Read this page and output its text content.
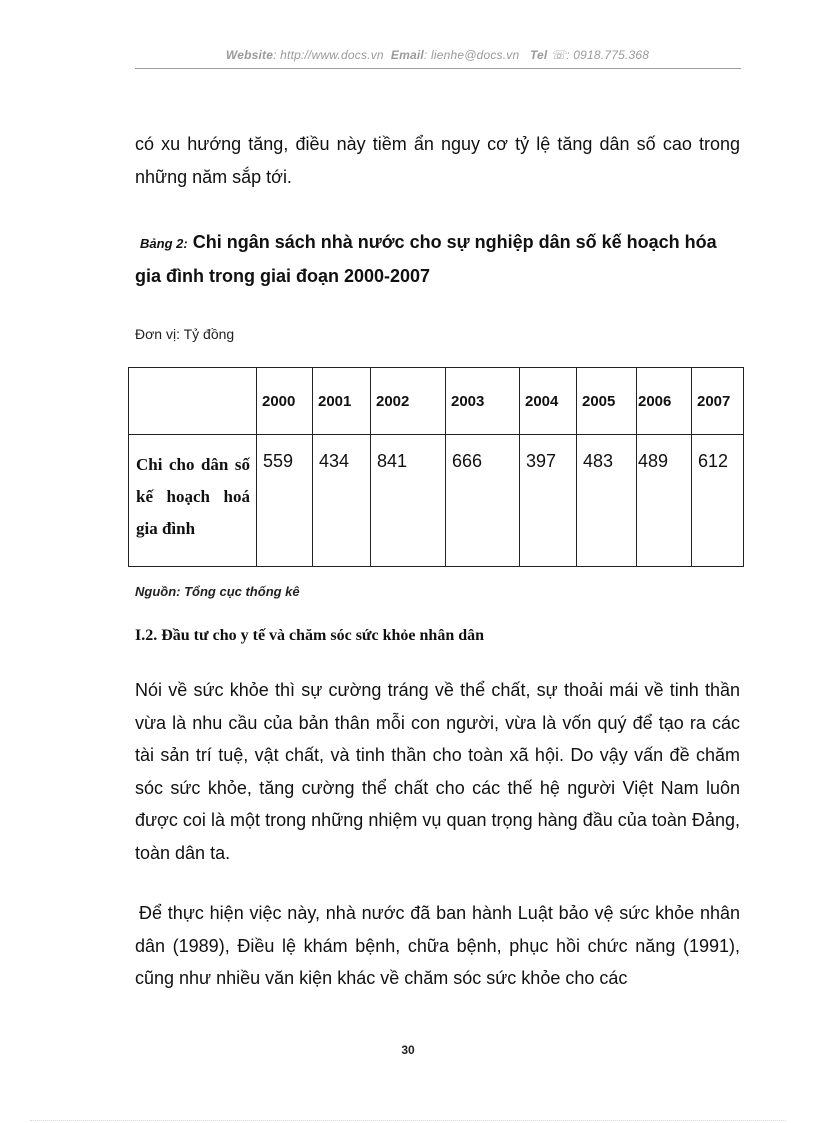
Website: http://www.docs.vn Email: lienhe@docs.vn Tel ☏: 0918.775.368
có xu hướng tăng, điều này tiềm ẩn nguy cơ tỷ lệ tăng dân số cao trong những năm sắp tới.
Bảng 2: Chi ngân sách nhà nước cho sự nghiệp dân số kế hoạch hóa gia đình trong giai đoạn 2000-2007
Đơn vị: Tỷ đồng
	2000	2001	2002	2003	2004	2005	2006	2007
Chi cho dân số kế hoạch hoá gia đình	559	434	841	666	397	483	489	612
Nguồn: Tổng cục thống kê
I.2. Đầu tư cho y tế và chăm sóc sức khỏe nhân dân
Nói về sức khỏe thì sự cường tráng về thể chất, sự thoải mái về tinh thần vừa là nhu cầu của bản thân mỗi con người, vừa là vốn quý để tạo ra các tài sản trí tuệ, vật chất, và tinh thần cho toàn xã hội. Do vậy vấn đề chăm sóc sức khỏe, tăng cường thể chất cho các thế hệ người Việt Nam luôn được coi là một trong những nhiệm vụ quan trọng hàng đầu của toàn Đảng, toàn dân ta.
Để thực hiện việc này, nhà nước đã ban hành Luật bảo vệ sức khỏe nhân dân (1989), Điều lệ khám bệnh, chữa bệnh, phục hồi chức năng (1991), cũng như nhiều văn kiện khác về chăm sóc sức khỏe cho các
30
